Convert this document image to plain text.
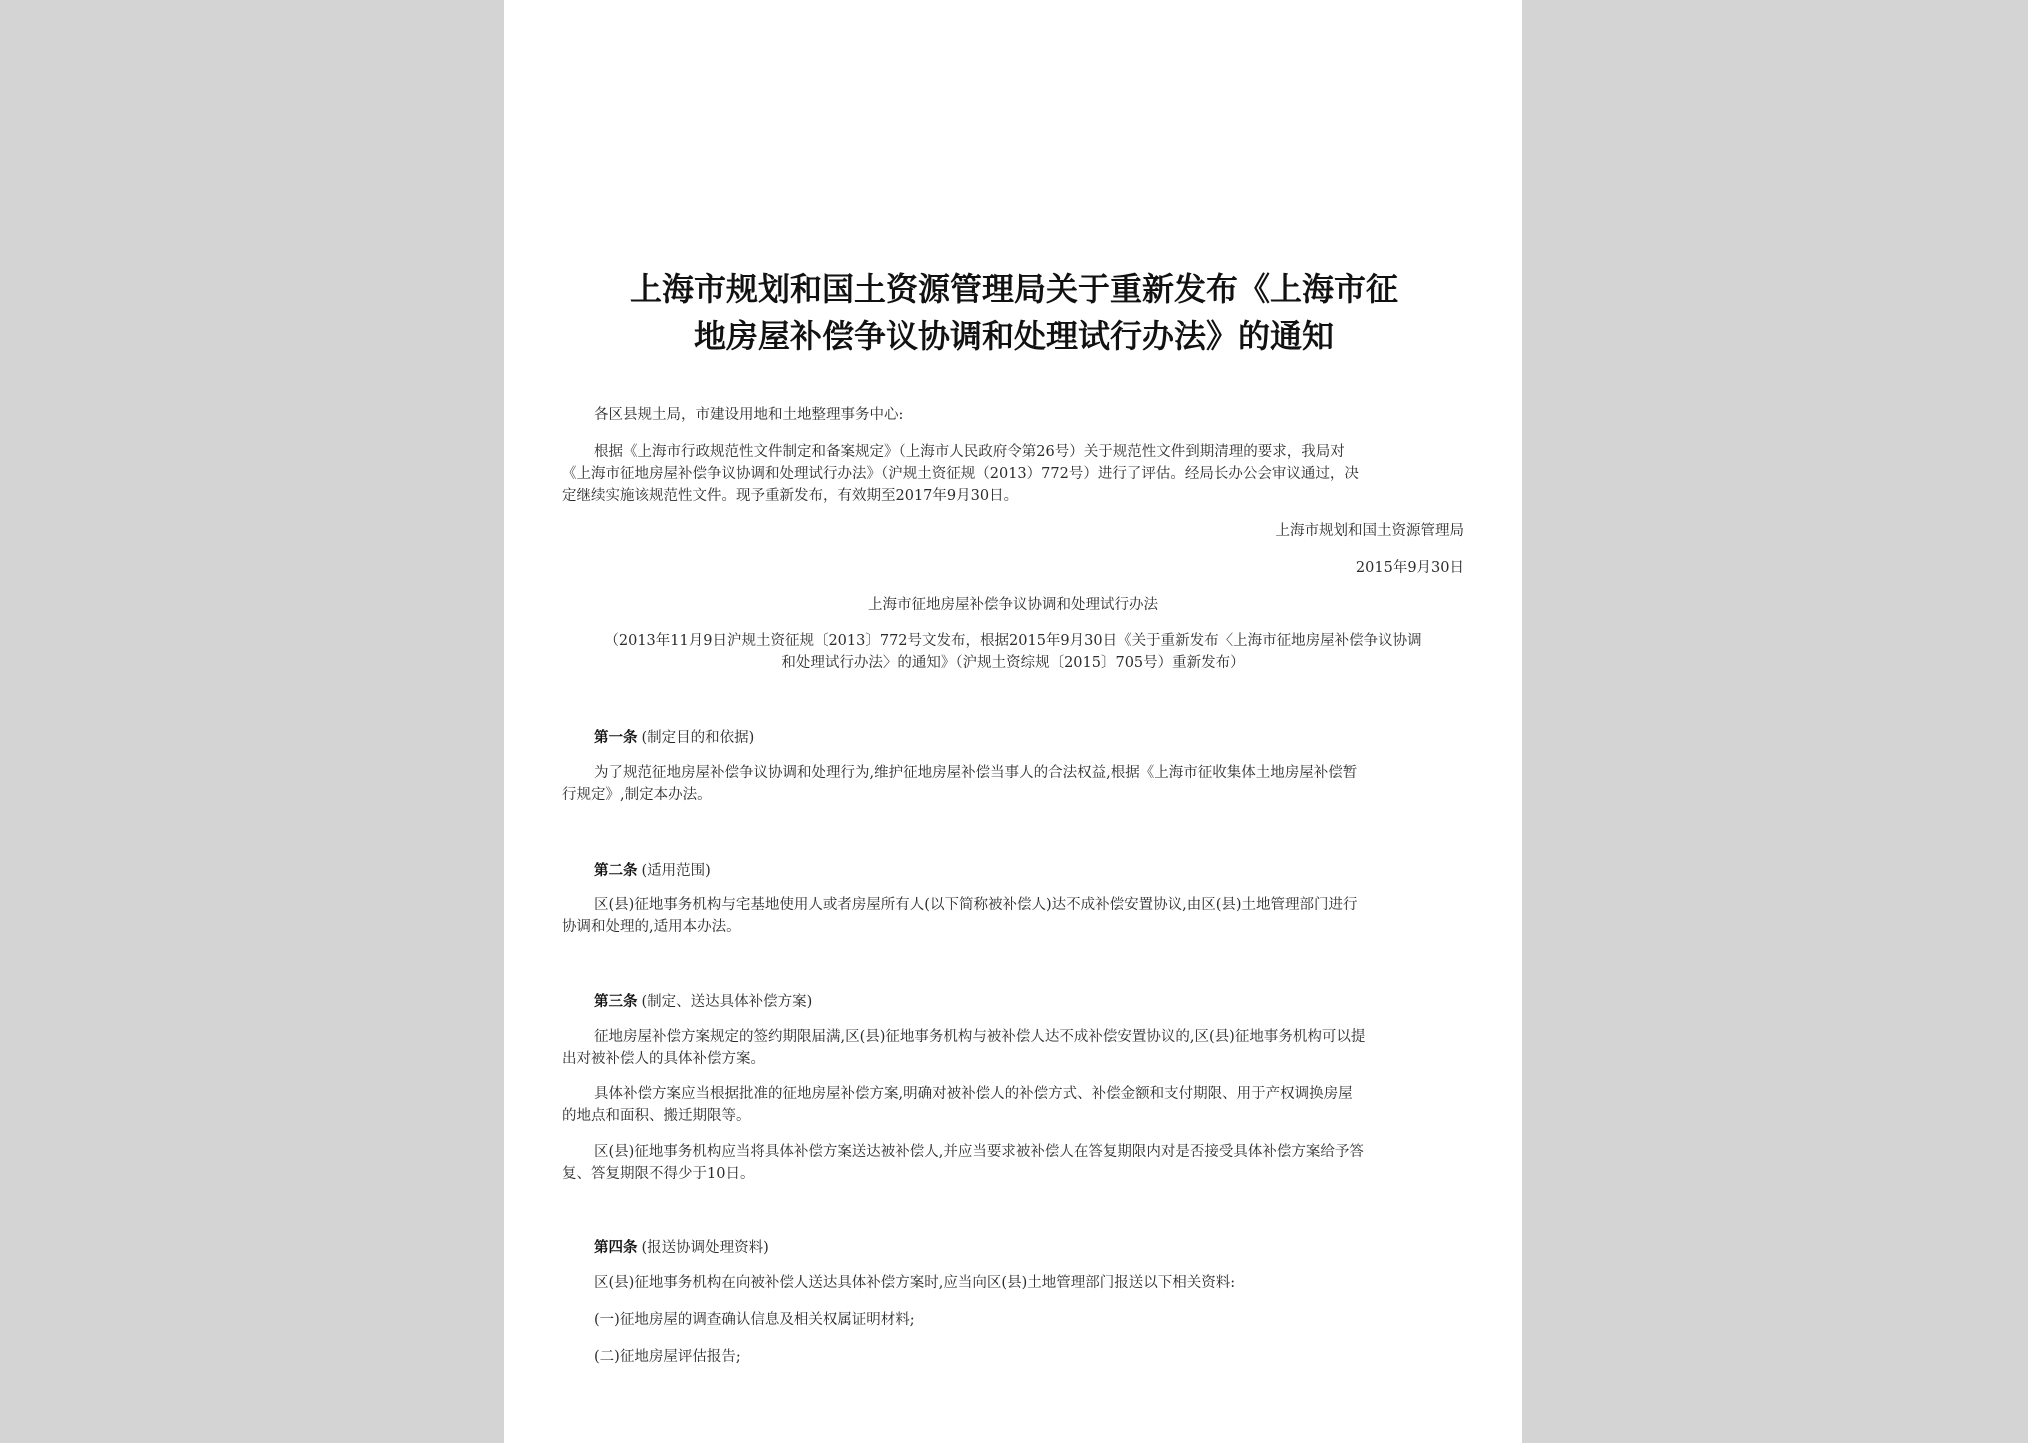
上海市规划和国土资源管理局关于重新发布《上海市征
地房屋补偿争议协调和处理试行办法》的通知
各区县规土局，市建设用地和土地整理事务中心:
根据《上海市行政规范性文件制定和备案规定》（上海市人民政府令第26号）关于规范性文件到期清理的要求，我局对
《上海市征地房屋补偿争议协调和处理试行办法》（沪规土资征规（2013）772号）进行了评估。经局长办公会审议通过，决
定继续实施该规范性文件。现予重新发布，有效期至2017年9月30日。
上海市规划和国土资源管理局
2015年9月30日
上海市征地房屋补偿争议协调和处理试行办法
（2013年11月9日沪规土资征规〔2013〕772号文发布，根据2015年9月30日《关于重新发布〈上海市征地房屋补偿争议协调
和处理试行办法〉的通知》（沪规土资综规〔2015〕705号）重新发布）
第一条 (制定目的和依据)
为了规范征地房屋补偿争议协调和处理行为,维护征地房屋补偿当事人的合法权益,根据《上海市征收集体土地房屋补偿暂
行规定》,制定本办法。
第二条 (适用范围)
区(县)征地事务机构与宅基地使用人或者房屋所有人(以下简称被补偿人)达不成补偿安置协议,由区(县)土地管理部门进行
协调和处理的,适用本办法。
第三条 (制定、送达具体补偿方案)
征地房屋补偿方案规定的签约期限届满,区(县)征地事务机构与被补偿人达不成补偿安置协议的,区(县)征地事务机构可以提
出对被补偿人的具体补偿方案。
具体补偿方案应当根据批准的征地房屋补偿方案,明确对被补偿人的补偿方式、补偿金额和支付期限、用于产权调换房屋
的地点和面积、搬迁期限等。
区(县)征地事务机构应当将具体补偿方案送达被补偿人,并应当要求被补偿人在答复期限内对是否接受具体补偿方案给予答
复、答复期限不得少于10日。
第四条 (报送协调处理资料)
区(县)征地事务机构在向被补偿人送达具体补偿方案时,应当向区(县)土地管理部门报送以下相关资料:
(一)征地房屋的调查确认信息及相关权属证明材料;
(二)征地房屋评估报告;
